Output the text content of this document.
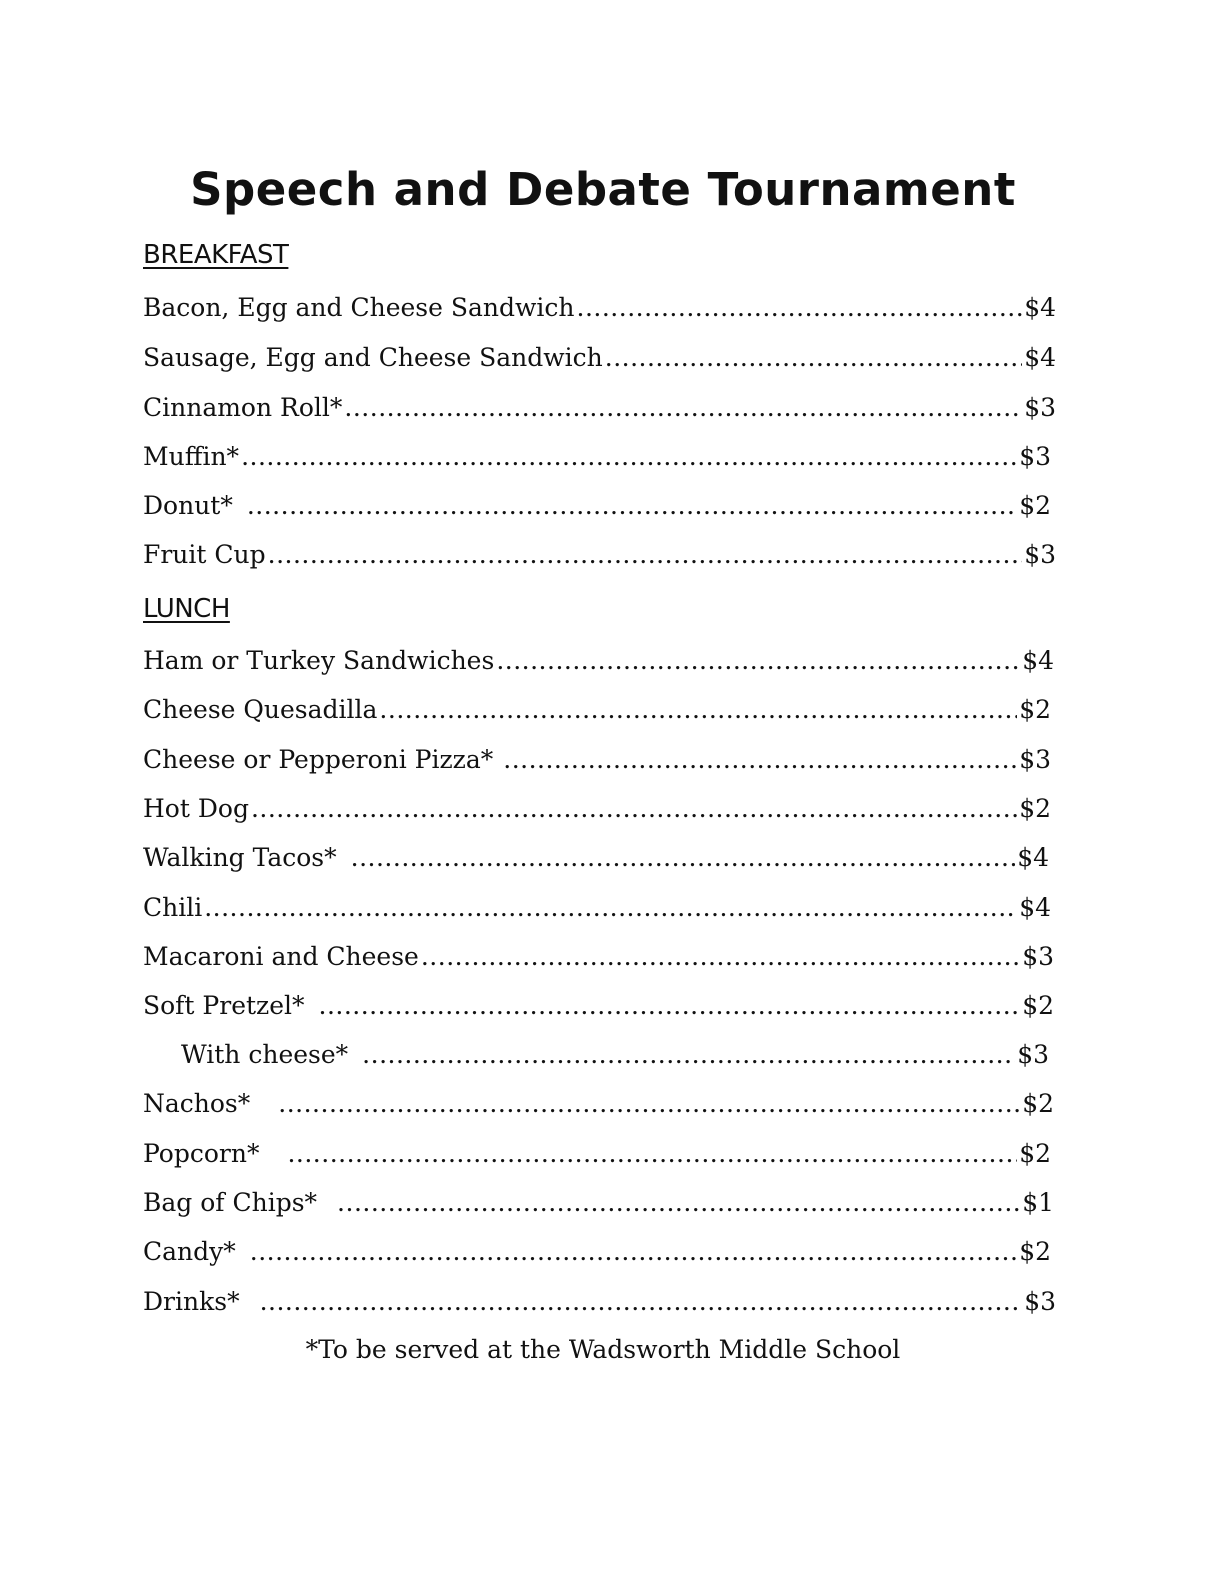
Speech and Debate Tournament
BREAKFAST
Bacon, Egg and Cheese Sandwich .....	$4
Sausage, Egg and Cheese Sandwich .....	$4
Cinnamon Roll* .....	$3
Muffin* .....	$3
Donut* .....	$2
Fruit Cup .....	$3
LUNCH
Ham or Turkey Sandwiches .....	$4
Cheese Quesadilla .....	$2
Cheese or Pepperoni Pizza* .....	$3
Hot Dog .....	$2
Walking Tacos* .....	$4
Chili .....	$4
Macaroni and Cheese .....	$3
Soft Pretzel* .....	$2
With cheese* .....	$3
Nachos* .....	$2
Popcorn* .....	$2
Bag of Chips* .....	$1
Candy* .....	$2
Drinks* .....	$3
*To be served at the Wadsworth Middle School
